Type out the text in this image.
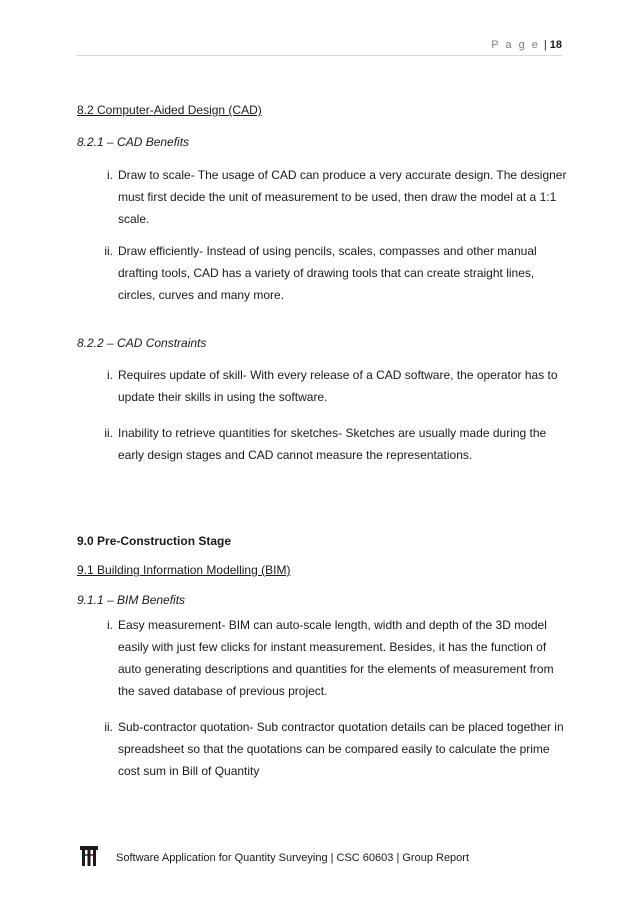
P a g e | 18
8.2 Computer-Aided Design (CAD)
8.2.1 – CAD Benefits
i. Draw to scale- The usage of CAD can produce a very accurate design. The designer must first decide the unit of measurement to be used, then draw the model at a 1:1 scale.
ii. Draw efficiently- Instead of using pencils, scales, compasses and other manual drafting tools, CAD has a variety of drawing tools that can create straight lines, circles, curves and many more.
8.2.2 – CAD Constraints
i. Requires update of skill- With every release of a CAD software, the operator has to update their skills in using the software.
ii. Inability to retrieve quantities for sketches- Sketches are usually made during the early design stages and CAD cannot measure the representations.
9.0 Pre-Construction Stage
9.1 Building Information Modelling (BIM)
9.1.1 – BIM Benefits
i. Easy measurement- BIM can auto-scale length, width and depth of the 3D model easily with just few clicks for instant measurement. Besides, it has the function of auto generating descriptions and quantities for the elements of measurement from the saved database of previous project.
ii. Sub-contractor quotation- Sub contractor quotation details can be placed together in spreadsheet so that the quotations can be compared easily to calculate the prime cost sum in Bill of Quantity
Software Application for Quantity Surveying | CSC 60603 | Group Report
